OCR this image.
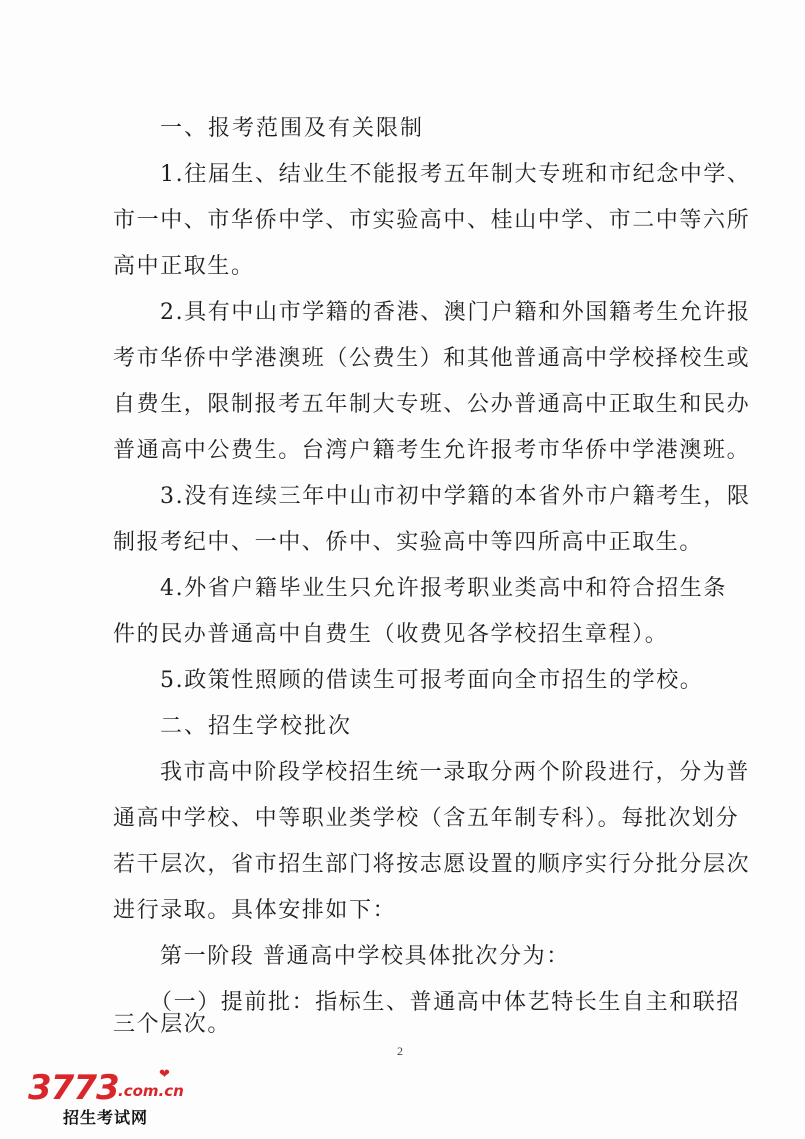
一、报考范围及有关限制
1.往届生、结业生不能报考五年制大专班和市纪念中学、
市一中、市华侨中学、市实验高中、桂山中学、市二中等六所
高中正取生。
2.具有中山市学籍的香港、澳门户籍和外国籍考生允许报
考市华侨中学港澳班（公费生）和其他普通高中学校择校生或
自费生，限制报考五年制大专班、公办普通高中正取生和民办
普通高中公费生。台湾户籍考生允许报考市华侨中学港澳班。
3.没有连续三年中山市初中学籍的本省外市户籍考生，限
制报考纪中、一中、侨中、实验高中等四所高中正取生。
4.外省户籍毕业生只允许报考职业类高中和符合招生条
件的民办普通高中自费生（收费见各学校招生章程）。
5.政策性照顾的借读生可报考面向全市招生的学校。
二、招生学校批次
我市高中阶段学校招生统一录取分两个阶段进行，分为普
通高中学校、中等职业类学校（含五年制专科）。每批次划分
若干层次，省市招生部门将按志愿设置的顺序实行分批分层次
进行录取。具体安排如下：
第一阶段 普通高中学校具体批次分为：
（一）提前批：指标生、普通高中体艺特长生自主和联招
三个层次。
2
3773 .com.cn
❤
招生考试网
